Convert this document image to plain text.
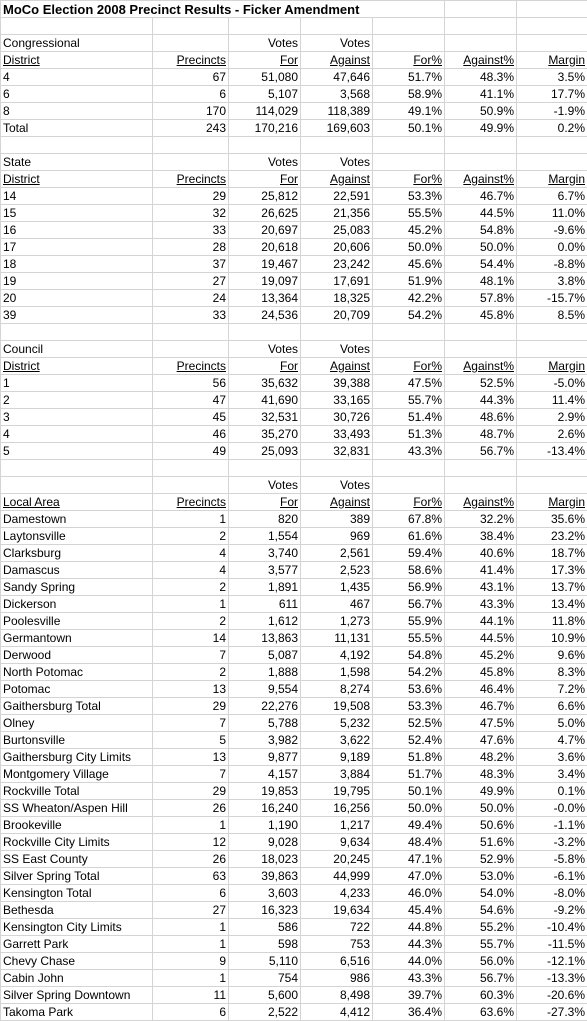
MoCo Election 2008 Precinct Results - Ficker Amendment						

Congressional		Votes	Votes			
District	Precincts	For	Against	For%	Against%	Margin
4	67	51,080	47,646	51.7%	48.3%	3.5%
6	6	5,107	3,568	58.9%	41.1%	17.7%
8	170	114,029	118,389	49.1%	50.9%	-1.9%
Total	243	170,216	169,603	50.1%	49.9%	0.2%

State		Votes	Votes			
District	Precincts	For	Against	For%	Against%	Margin
14	29	25,812	22,591	53.3%	46.7%	6.7%
15	32	26,625	21,356	55.5%	44.5%	11.0%
16	33	20,697	25,083	45.2%	54.8%	-9.6%
17	28	20,618	20,606	50.0%	50.0%	0.0%
18	37	19,467	23,242	45.6%	54.4%	-8.8%
19	27	19,097	17,691	51.9%	48.1%	3.8%
20	24	13,364	18,325	42.2%	57.8%	-15.7%
39	33	24,536	20,709	54.2%	45.8%	8.5%

Council		Votes	Votes			
District	Precincts	For	Against	For%	Against%	Margin
1	56	35,632	39,388	47.5%	52.5%	-5.0%
2	47	41,690	33,165	55.7%	44.3%	11.4%
3	45	32,531	30,726	51.4%	48.6%	2.9%
4	46	35,270	33,493	51.3%	48.7%	2.6%
5	49	25,093	32,831	43.3%	56.7%	-13.4%

		Votes	Votes			
Local Area	Precincts	For	Against	For%	Against%	Margin
Damestown	1	820	389	67.8%	32.2%	35.6%
Laytonsville	2	1,554	969	61.6%	38.4%	23.2%
Clarksburg	4	3,740	2,561	59.4%	40.6%	18.7%
Damascus	4	3,577	2,523	58.6%	41.4%	17.3%
Sandy Spring	2	1,891	1,435	56.9%	43.1%	13.7%
Dickerson	1	611	467	56.7%	43.3%	13.4%
Poolesville	2	1,612	1,273	55.9%	44.1%	11.8%
Germantown	14	13,863	11,131	55.5%	44.5%	10.9%
Derwood	7	5,087	4,192	54.8%	45.2%	9.6%
North Potomac	2	1,888	1,598	54.2%	45.8%	8.3%
Potomac	13	9,554	8,274	53.6%	46.4%	7.2%
Gaithersburg Total	29	22,276	19,508	53.3%	46.7%	6.6%
Olney	7	5,788	5,232	52.5%	47.5%	5.0%
Burtonsville	5	3,982	3,622	52.4%	47.6%	4.7%
Gaithersburg City Limits	13	9,877	9,189	51.8%	48.2%	3.6%
Montgomery Village	7	4,157	3,884	51.7%	48.3%	3.4%
Rockville Total	29	19,853	19,795	50.1%	49.9%	0.1%
SS Wheaton/Aspen Hill	26	16,240	16,256	50.0%	50.0%	-0.0%
Brookeville	1	1,190	1,217	49.4%	50.6%	-1.1%
Rockville City Limits	12	9,028	9,634	48.4%	51.6%	-3.2%
SS East County	26	18,023	20,245	47.1%	52.9%	-5.8%
Silver Spring Total	63	39,863	44,999	47.0%	53.0%	-6.1%
Kensington Total	6	3,603	4,233	46.0%	54.0%	-8.0%
Bethesda	27	16,323	19,634	45.4%	54.6%	-9.2%
Kensington City Limits	1	586	722	44.8%	55.2%	-10.4%
Garrett Park	1	598	753	44.3%	55.7%	-11.5%
Chevy Chase	9	5,110	6,516	44.0%	56.0%	-12.1%
Cabin John	1	754	986	43.3%	56.7%	-13.3%
Silver Spring Downtown	11	5,600	8,498	39.7%	60.3%	-20.6%
Takoma Park	6	2,522	4,412	36.4%	63.6%	-27.3%
